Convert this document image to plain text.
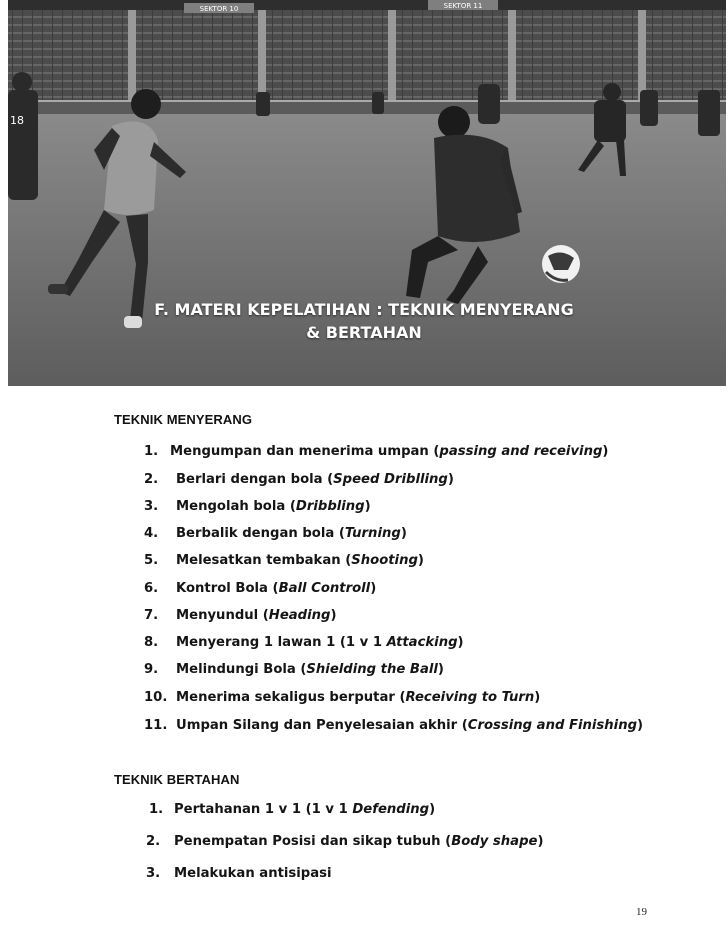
SEKTOR 10	SEKTOR 11
18
F. MATERI KEPELATIHAN : TEKNIK MENYERANG
& BERTAHAN
TEKNIK MENYERANG
1. Mengumpan dan menerima umpan (passing and receiving)
2. Berlari dengan bola (Speed Driblling)
3. Mengolah bola (Dribbling)
4. Berbalik dengan bola (Turning)
5. Melesatkan tembakan (Shooting)
6. Kontrol Bola (Ball Controll)
7. Menyundul (Heading)
8. Menyerang 1 lawan 1 (1 v 1 Attacking)
9. Melindungi Bola (Shielding the Ball)
10. Menerima sekaligus berputar (Receiving to Turn)
11. Umpan Silang dan Penyelesaian akhir (Crossing and Finishing)
TEKNIK BERTAHAN
1. Pertahanan 1 v 1 (1 v 1 Defending)
2. Penempatan Posisi dan sikap tubuh (Body shape)
3. Melakukan antisipasi
19
